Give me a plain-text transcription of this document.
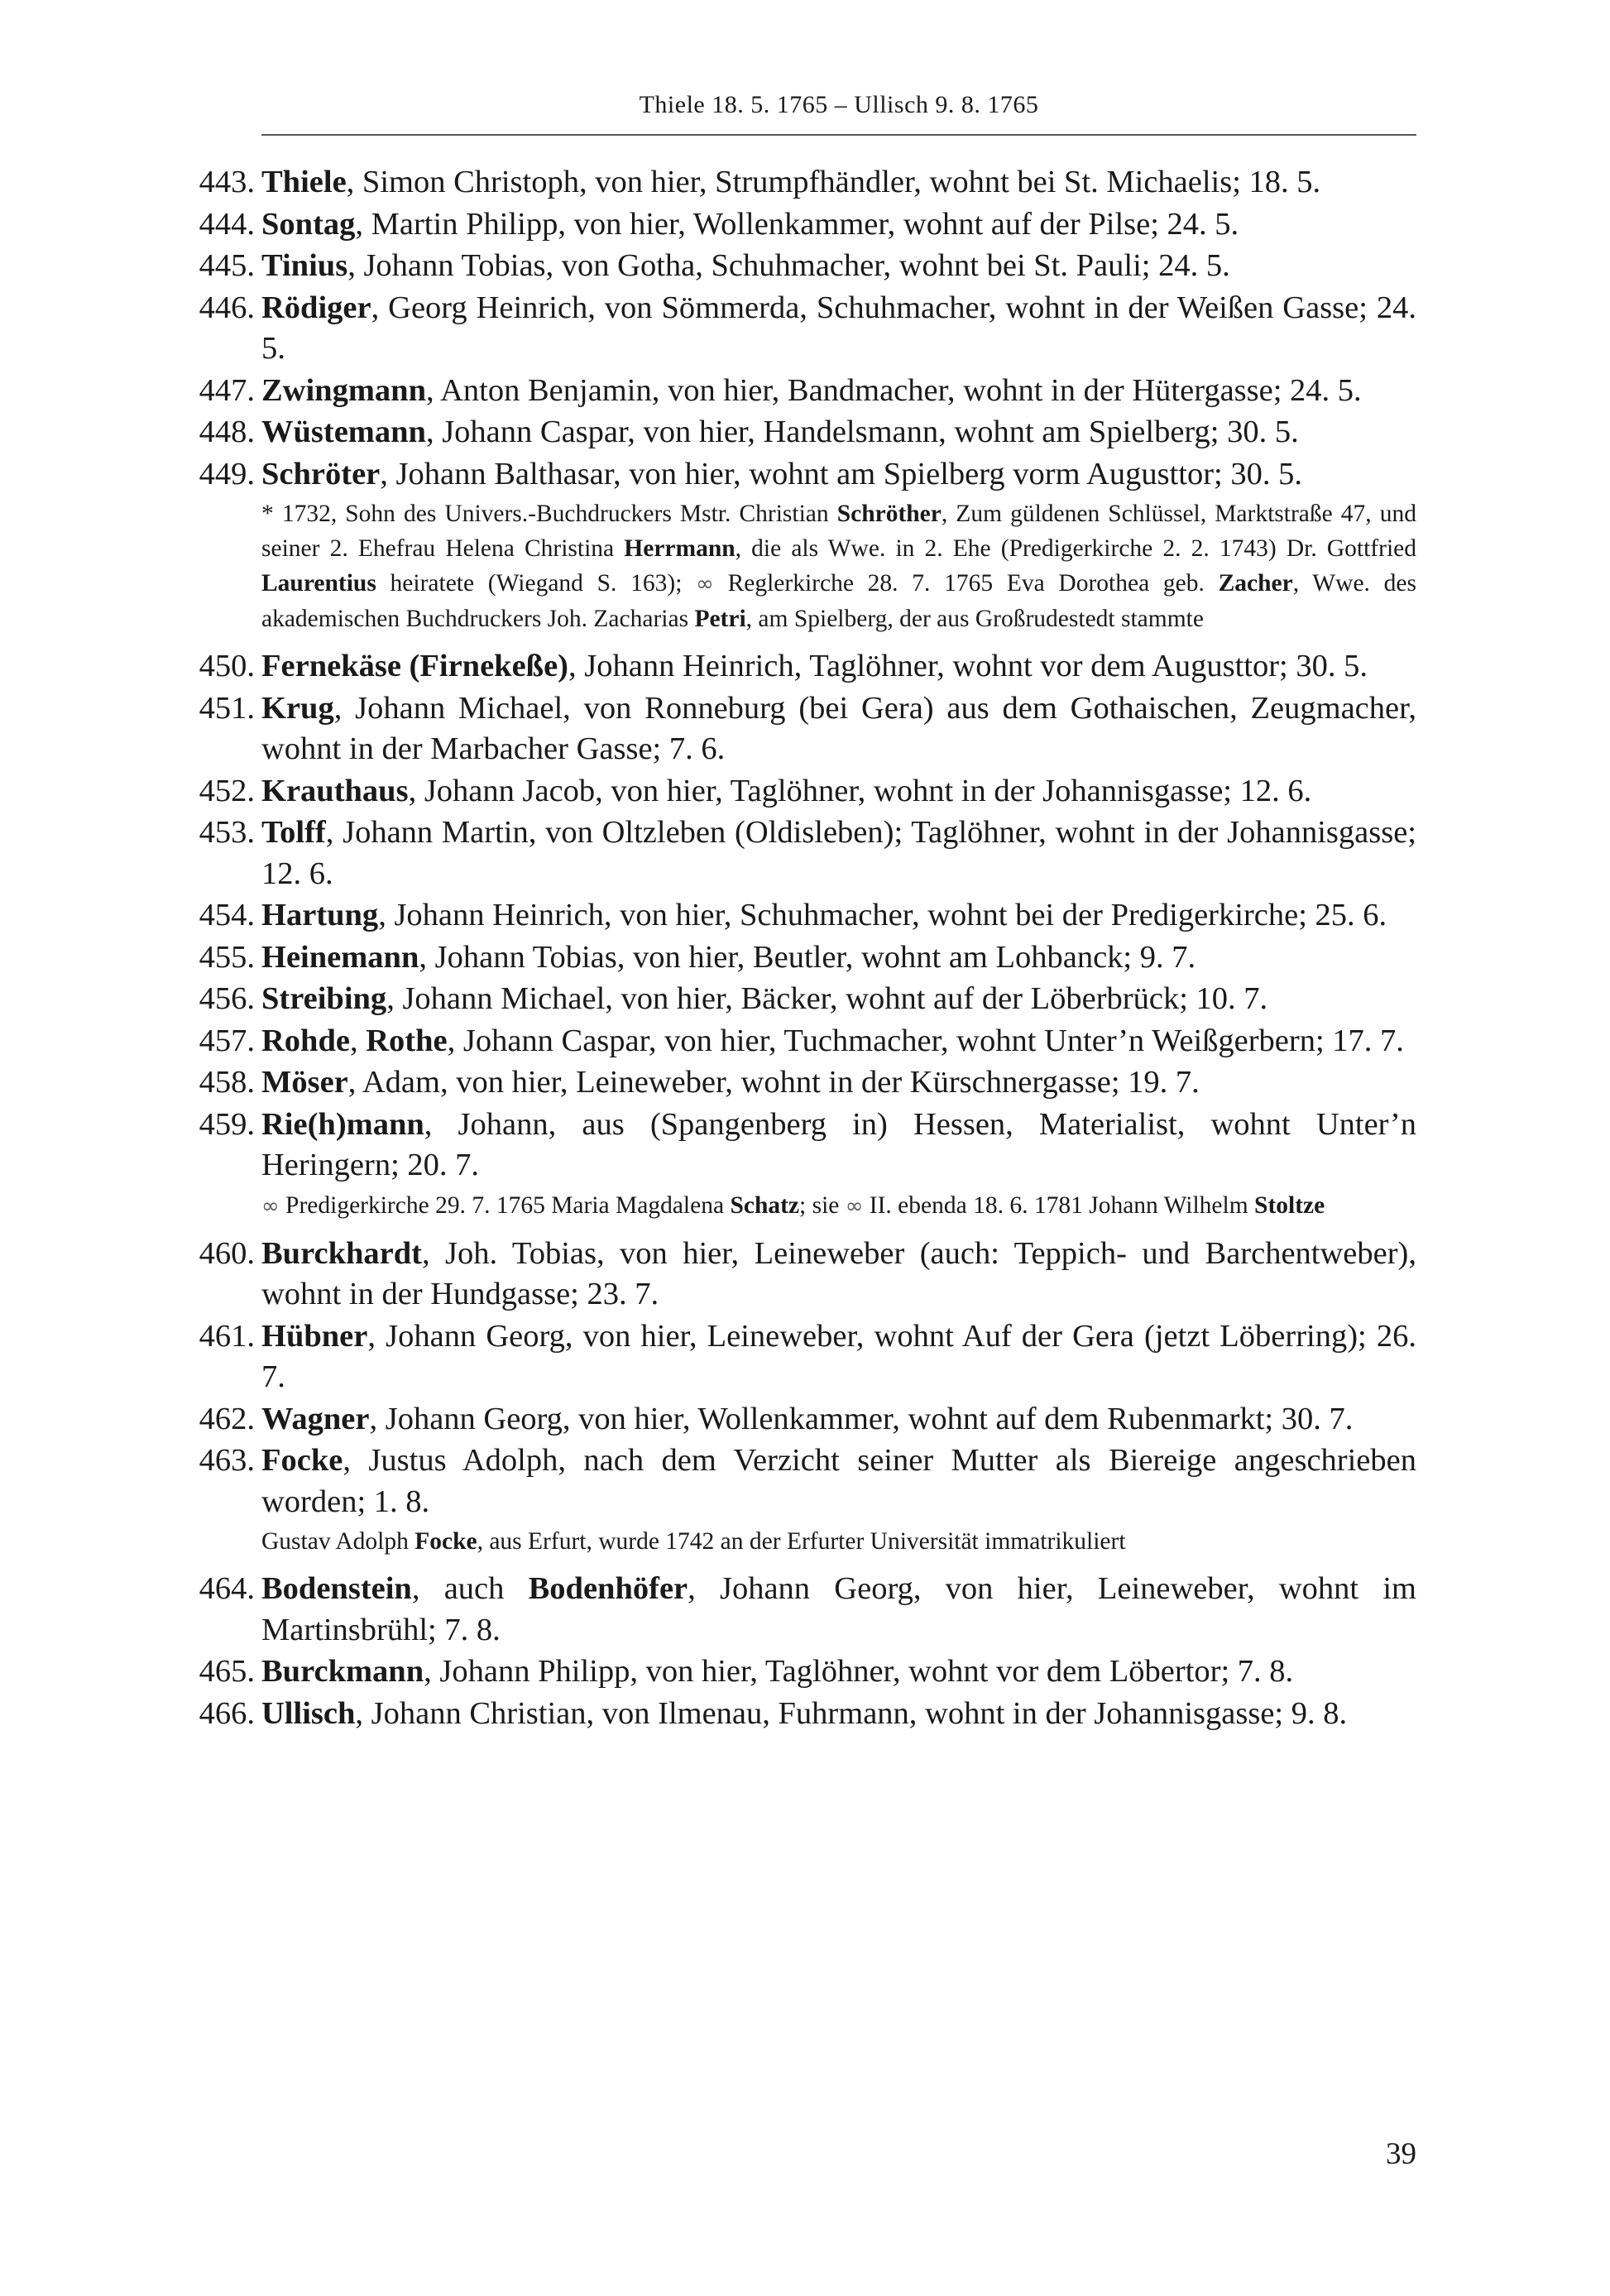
Thiele 18. 5. 1765 – Ullisch 9. 8. 1765
443. Thiele, Simon Christoph, von hier, Strumpfhändler, wohnt bei St. Michaelis; 18. 5.
444. Sontag, Martin Philipp, von hier, Wollenkammer, wohnt auf der Pilse; 24. 5.
445. Tinius, Johann Tobias, von Gotha, Schuhmacher, wohnt bei St. Pauli; 24. 5.
446. Rödiger, Georg Heinrich, von Sömmerda, Schuhmacher, wohnt in der Weißen Gasse; 24. 5.
447. Zwingmann, Anton Benjamin, von hier, Bandmacher, wohnt in der Hütergasse; 24. 5.
448. Wüstemann, Johann Caspar, von hier, Handelsmann, wohnt am Spielberg; 30. 5.
449. Schröter, Johann Balthasar, von hier, wohnt am Spielberg vorm Augusttor; 30. 5.
* 1732, Sohn des Univers.-Buchdruckers Mstr. Christian Schröther, Zum güldenen Schlüssel, Marktstraße 47, und seiner 2. Ehefrau Helena Christina Herrmann, die als Wwe. in 2. Ehe (Predigerkirche 2. 2. 1743) Dr. Gottfried Laurentius heiratete (Wiegand S. 163); ∞ Reglerkirche 28. 7. 1765 Eva Dorothea geb. Zacher, Wwe. des akademischen Buchdruckers Joh. Zacharias Petri, am Spielberg, der aus Großrudestedt stammte
450. Fernekäse (Firnekeße), Johann Heinrich, Taglöhner, wohnt vor dem Augusttor; 30. 5.
451. Krug, Johann Michael, von Ronneburg (bei Gera) aus dem Gothaischen, Zeugmacher, wohnt in der Marbacher Gasse; 7. 6.
452. Krauthaus, Johann Jacob, von hier, Taglöhner, wohnt in der Johannisgasse; 12. 6.
453. Tolff, Johann Martin, von Oltzleben (Oldisleben); Taglöhner, wohnt in der Johannisgasse; 12. 6.
454. Hartung, Johann Heinrich, von hier, Schuhmacher, wohnt bei der Predigerkirche; 25. 6.
455. Heinemann, Johann Tobias, von hier, Beutler, wohnt am Lohbanck; 9. 7.
456. Streibing, Johann Michael, von hier, Bäcker, wohnt auf der Löberbrück; 10. 7.
457. Rohde, Rothe, Johann Caspar, von hier, Tuchmacher, wohnt Unter’n Weißgerbern; 17. 7.
458. Möser, Adam, von hier, Leineweber, wohnt in der Kürschnergasse; 19. 7.
459. Rie(h)mann, Johann, aus (Spangenberg in) Hessen, Materialist, wohnt Unter’n Heringern; 20. 7.
∞ Predigerkirche 29. 7. 1765 Maria Magdalena Schatz; sie ∞ II. ebenda 18. 6. 1781 Johann Wilhelm Stoltze
460. Burckhardt, Joh. Tobias, von hier, Leineweber (auch: Teppich- und Barchentweber), wohnt in der Hundgasse; 23. 7.
461. Hübner, Johann Georg, von hier, Leineweber, wohnt Auf der Gera (jetzt Löberring); 26. 7.
462. Wagner, Johann Georg, von hier, Wollenkammer, wohnt auf dem Rubenmarkt; 30. 7.
463. Focke, Justus Adolph, nach dem Verzicht seiner Mutter als Biereige angeschrieben worden; 1. 8.
Gustav Adolph Focke, aus Erfurt, wurde 1742 an der Erfurter Universität immatrikuliert
464. Bodenstein, auch Bodenhöfer, Johann Georg, von hier, Leineweber, wohnt im Martinsbrühl; 7. 8.
465. Burckmann, Johann Philipp, von hier, Taglöhner, wohnt vor dem Löbertor; 7. 8.
466. Ullisch, Johann Christian, von Ilmenau, Fuhrmann, wohnt in der Johannisgasse; 9. 8.
39
